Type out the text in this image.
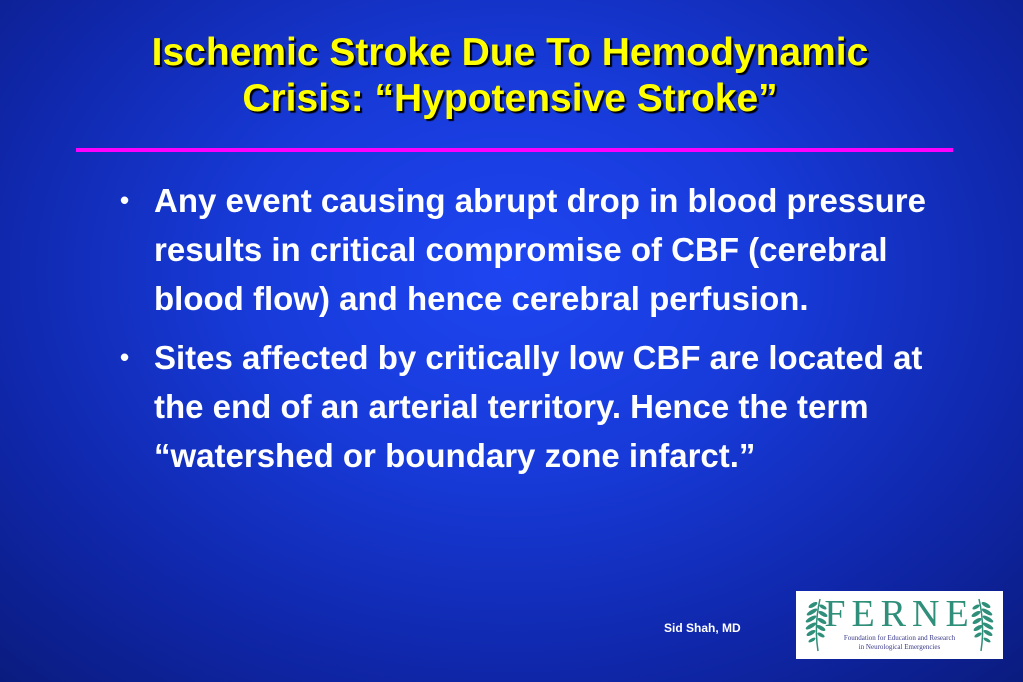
Ischemic Stroke Due To Hemodynamic
Crisis: “Hypotensive Stroke”
• Any event causing abrupt drop in blood pressure results in critical compromise of CBF (cerebral blood flow) and hence cerebral perfusion.
• Sites affected by critically low CBF are located at the end of an arterial territory. Hence the term “watershed or boundary zone infarct.”
Sid Shah, MD FERNE
Foundation for Education and Research
in Neurological Emergencies
